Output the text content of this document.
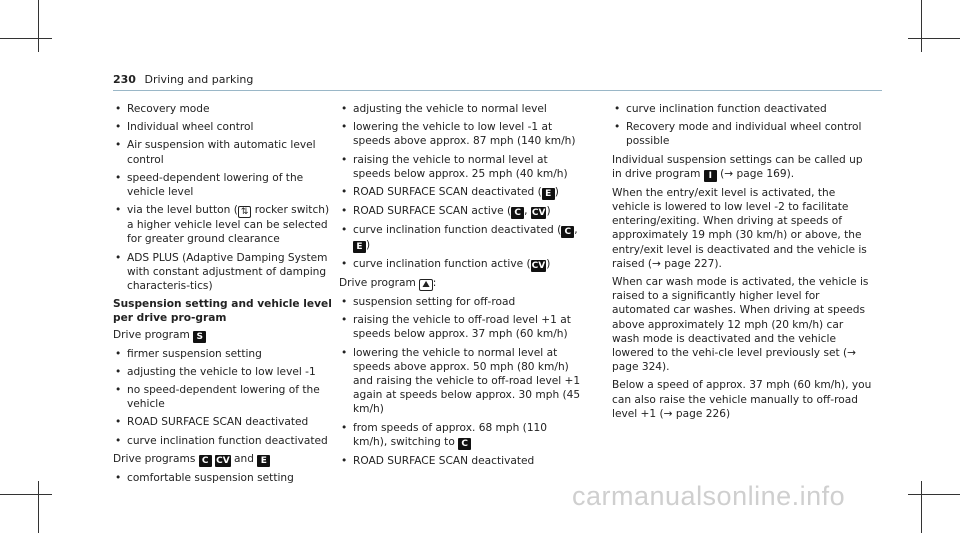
230 Driving and parking
• Recovery mode
• Individual wheel control
• Air suspension with automatic level control
• speed-dependent lowering of the vehicle level
• via the level button ( ⇅ rocker switch) a higher vehicle level can be selected for greater ground clearance
• ADS PLUS (Adaptive Damping System with constant adjustment of damping characteris-tics)

Suspension setting and vehicle level per drive pro-gram

Drive program S

• firmer suspension setting
• adjusting the vehicle to low level -1
• no speed-dependent lowering of the vehicle
• ROAD SURFACE SCAN deactivated
• curve inclination function deactivated

Drive programs C CV and E

• comfortable suspension setting
• adjusting the vehicle to normal level
• lowering the vehicle to low level -1 at speeds above approx. 87 mph (140 km/h)
• raising the vehicle to normal level at speeds below approx. 25 mph (40 km/h)
• ROAD SURFACE SCAN deactivated ( E )
• ROAD SURFACE SCAN active ( C , CV)
• curve inclination function deactivated ( C , E )
• curve inclination function active (CV)

Drive program ⛰ :

• suspension setting for off-road
• raising the vehicle to off-road level +1 at speeds below approx. 37 mph (60 km/h)
• lowering the vehicle to normal level at speeds above approx. 50 mph (80 km/h) and raising the vehicle to off-road level +1 again at speeds below approx. 30 mph (45 km/h)
• from speeds of approx. 68 mph (110 km/h), switching to C
• ROAD SURFACE SCAN deactivated
• curve inclination function deactivated
• Recovery mode and individual wheel control possible

Individual suspension settings can be called up in drive program I (→ page 169).

When the entry/exit level is activated, the vehicle is lowered to low level -2 to facilitate entering/exiting. When driving at speeds of approximately 19 mph (30 km/h) or above, the entry/exit level is deactivated and the vehicle is raised (→ page 227).

When car wash mode is activated, the vehicle is raised to a significantly higher level for automated car washes. When driving at speeds above approximately 12 mph (20 km/h) car wash mode is deactivated and the vehicle lowered to the vehi-cle level previously set (→ page 324).

Below a speed of approx. 37 mph (60 km/h), you can also raise the vehicle manually to off-road level +1 (→ page 226)

carmanualsonline.info
